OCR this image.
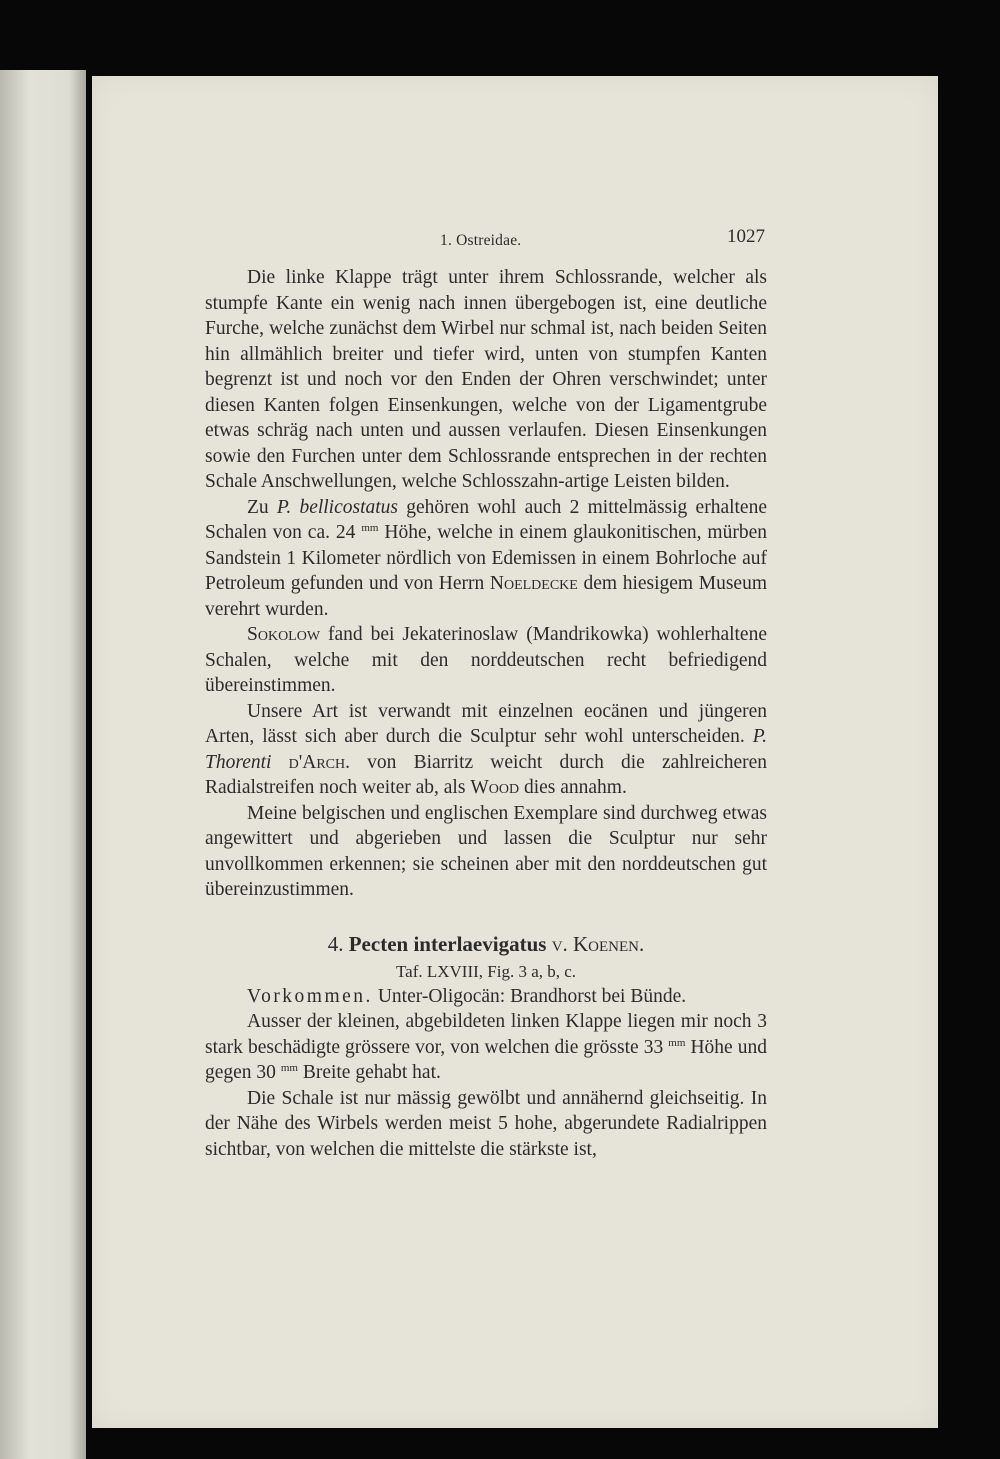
1. Ostreidae.	1027

Die linke Klappe trägt unter ihrem Schlossrande, welcher als stumpfe Kante ein wenig nach innen übergebogen ist, eine deutliche Furche, welche zunächst dem Wirbel nur schmal ist, nach beiden Seiten hin allmählich breiter und tiefer wird, unten von stumpfen Kanten begrenzt ist und noch vor den Enden der Ohren verschwindet; unter diesen Kanten folgen Einsenkungen, welche von der Ligamentgrube etwas schräg nach unten und aussen verlaufen. Diesen Einsenkungen sowie den Furchen unter dem Schlossrande entsprechen in der rechten Schale Anschwellungen, welche Schlosszahn-artige Leisten bilden.

Zu P. bellicostatus gehören wohl auch 2 mittelmässig erhaltene Schalen von ca. 24 $^{mm}$ Höhe, welche in einem glaukonitischen, mürben Sandstein 1 Kilometer nördlich von Edemissen in einem Bohrloche auf Petroleum gefunden und von Herrn Noeldecke dem hiesigem Museum verehrt wurden.

Sokolow fand bei Jekaterinoslaw (Mandrikowka) wohlerhaltene Schalen, welche mit den norddeutschen recht befriedigend übereinstimmen.

Unsere Art ist verwandt mit einzelnen eocänen und jüngeren Arten, lässt sich aber durch die Sculptur sehr wohl unterscheiden. P. Thorenti d'Arch. von Biarritz weicht durch die zahlreicheren Radialstreifen noch weiter ab, als Wood dies annahm.

Meine belgischen und englischen Exemplare sind durchweg etwas angewittert und abgerieben und lassen die Sculptur nur sehr unvollkommen erkennen; sie scheinen aber mit den norddeutschen gut übereinzustimmen.

4. Pecten interlaevigatus v. Koenen.

Taf. LXVIII, Fig. 3 a, b, c.

Vorkommen. Unter-Oligocän: Brandhorst bei Bünde.

Ausser der kleinen, abgebildeten linken Klappe liegen mir noch 3 stark beschädigte grössere vor, von welchen die grösste 33 $^{mm}$ Höhe und gegen 30 $^{mm}$ Breite gehabt hat.

Die Schale ist nur mässig gewölbt und annähernd gleichseitig. In der Nähe des Wirbels werden meist 5 hohe, abgerundete Radialrippen sichtbar, von welchen die mittelste die stärkste ist,
